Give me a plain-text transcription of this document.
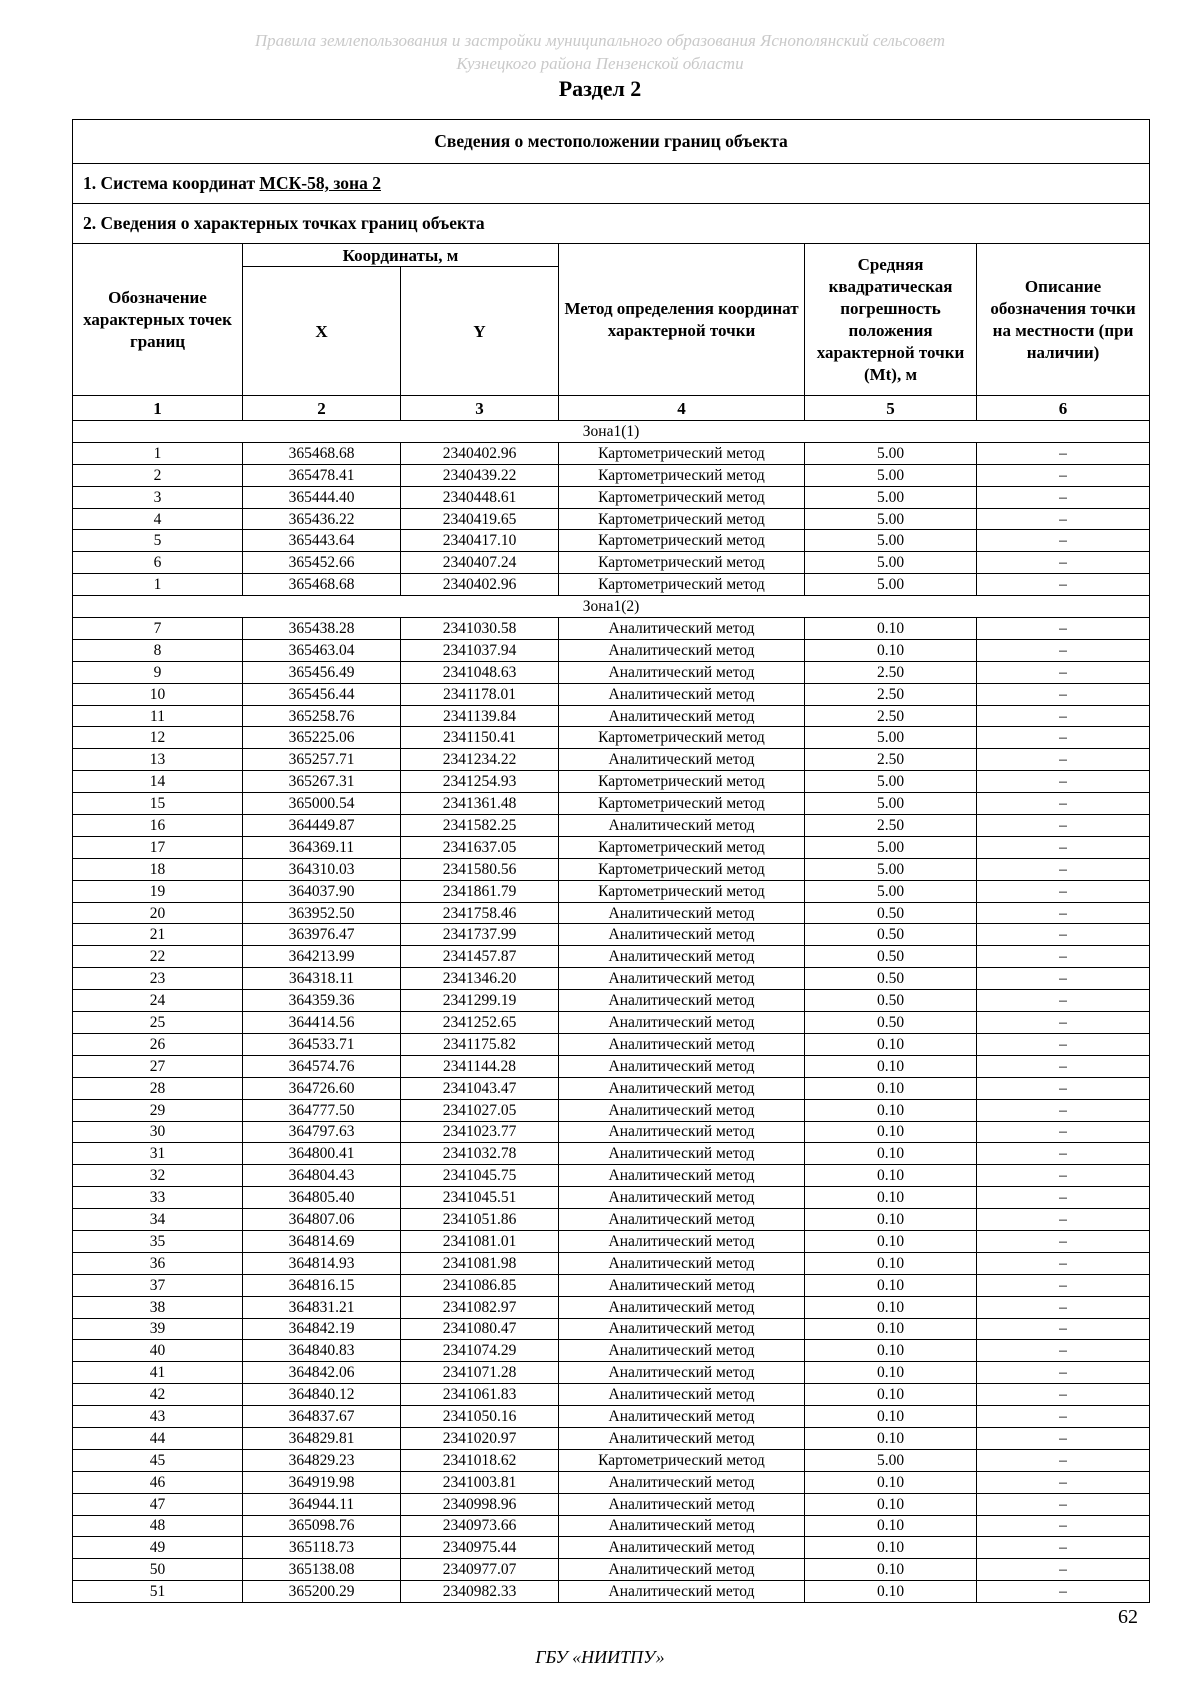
Правила землепользования и застройки муниципального образования Яснополянский сельсовет
Кузнецкого района Пензенской области
Раздел 2
Сведения о местоположении границ объекта					
1. Система координат МСК-58, зона 2					
2. Сведения о характерных точках границ объекта					
Обозначение характерных точек границ	Координаты, м		Метод определения координат характерной точки	Средняя квадратическая погрешность положения характерной точки (Mt), м	Описание обозначения точки на местности (при наличии)
	X	Y			
1	2	3	4	5	6
Зона1(1)					
1	365468.68	2340402.96	Картометрический метод	5.00	–
2	365478.41	2340439.22	Картометрический метод	5.00	–
3	365444.40	2340448.61	Картометрический метод	5.00	–
4	365436.22	2340419.65	Картометрический метод	5.00	–
5	365443.64	2340417.10	Картометрический метод	5.00	–
6	365452.66	2340407.24	Картометрический метод	5.00	–
1	365468.68	2340402.96	Картометрический метод	5.00	–
Зона1(2)					
7	365438.28	2341030.58	Аналитический метод	0.10	–
8	365463.04	2341037.94	Аналитический метод	0.10	–
9	365456.49	2341048.63	Аналитический метод	2.50	–
10	365456.44	2341178.01	Аналитический метод	2.50	–
11	365258.76	2341139.84	Аналитический метод	2.50	–
12	365225.06	2341150.41	Картометрический метод	5.00	–
13	365257.71	2341234.22	Аналитический метод	2.50	–
14	365267.31	2341254.93	Картометрический метод	5.00	–
15	365000.54	2341361.48	Картометрический метод	5.00	–
16	364449.87	2341582.25	Аналитический метод	2.50	–
17	364369.11	2341637.05	Картометрический метод	5.00	–
18	364310.03	2341580.56	Картометрический метод	5.00	–
19	364037.90	2341861.79	Картометрический метод	5.00	–
20	363952.50	2341758.46	Аналитический метод	0.50	–
21	363976.47	2341737.99	Аналитический метод	0.50	–
22	364213.99	2341457.87	Аналитический метод	0.50	–
23	364318.11	2341346.20	Аналитический метод	0.50	–
24	364359.36	2341299.19	Аналитический метод	0.50	–
25	364414.56	2341252.65	Аналитический метод	0.50	–
26	364533.71	2341175.82	Аналитический метод	0.10	–
27	364574.76	2341144.28	Аналитический метод	0.10	–
28	364726.60	2341043.47	Аналитический метод	0.10	–
29	364777.50	2341027.05	Аналитический метод	0.10	–
30	364797.63	2341023.77	Аналитический метод	0.10	–
31	364800.41	2341032.78	Аналитический метод	0.10	–
32	364804.43	2341045.75	Аналитический метод	0.10	–
33	364805.40	2341045.51	Аналитический метод	0.10	–
34	364807.06	2341051.86	Аналитический метод	0.10	–
35	364814.69	2341081.01	Аналитический метод	0.10	–
36	364814.93	2341081.98	Аналитический метод	0.10	–
37	364816.15	2341086.85	Аналитический метод	0.10	–
38	364831.21	2341082.97	Аналитический метод	0.10	–
39	364842.19	2341080.47	Аналитический метод	0.10	–
40	364840.83	2341074.29	Аналитический метод	0.10	–
41	364842.06	2341071.28	Аналитический метод	0.10	–
42	364840.12	2341061.83	Аналитический метод	0.10	–
43	364837.67	2341050.16	Аналитический метод	0.10	–
44	364829.81	2341020.97	Аналитический метод	0.10	–
45	364829.23	2341018.62	Картометрический метод	5.00	–
46	364919.98	2341003.81	Аналитический метод	0.10	–
47	364944.11	2340998.96	Аналитический метод	0.10	–
48	365098.76	2340973.66	Аналитический метод	0.10	–
49	365118.73	2340975.44	Аналитический метод	0.10	–
50	365138.08	2340977.07	Аналитический метод	0.10	–
51	365200.29	2340982.33	Аналитический метод	0.10	–
62
ГБУ «НИИТПУ»
